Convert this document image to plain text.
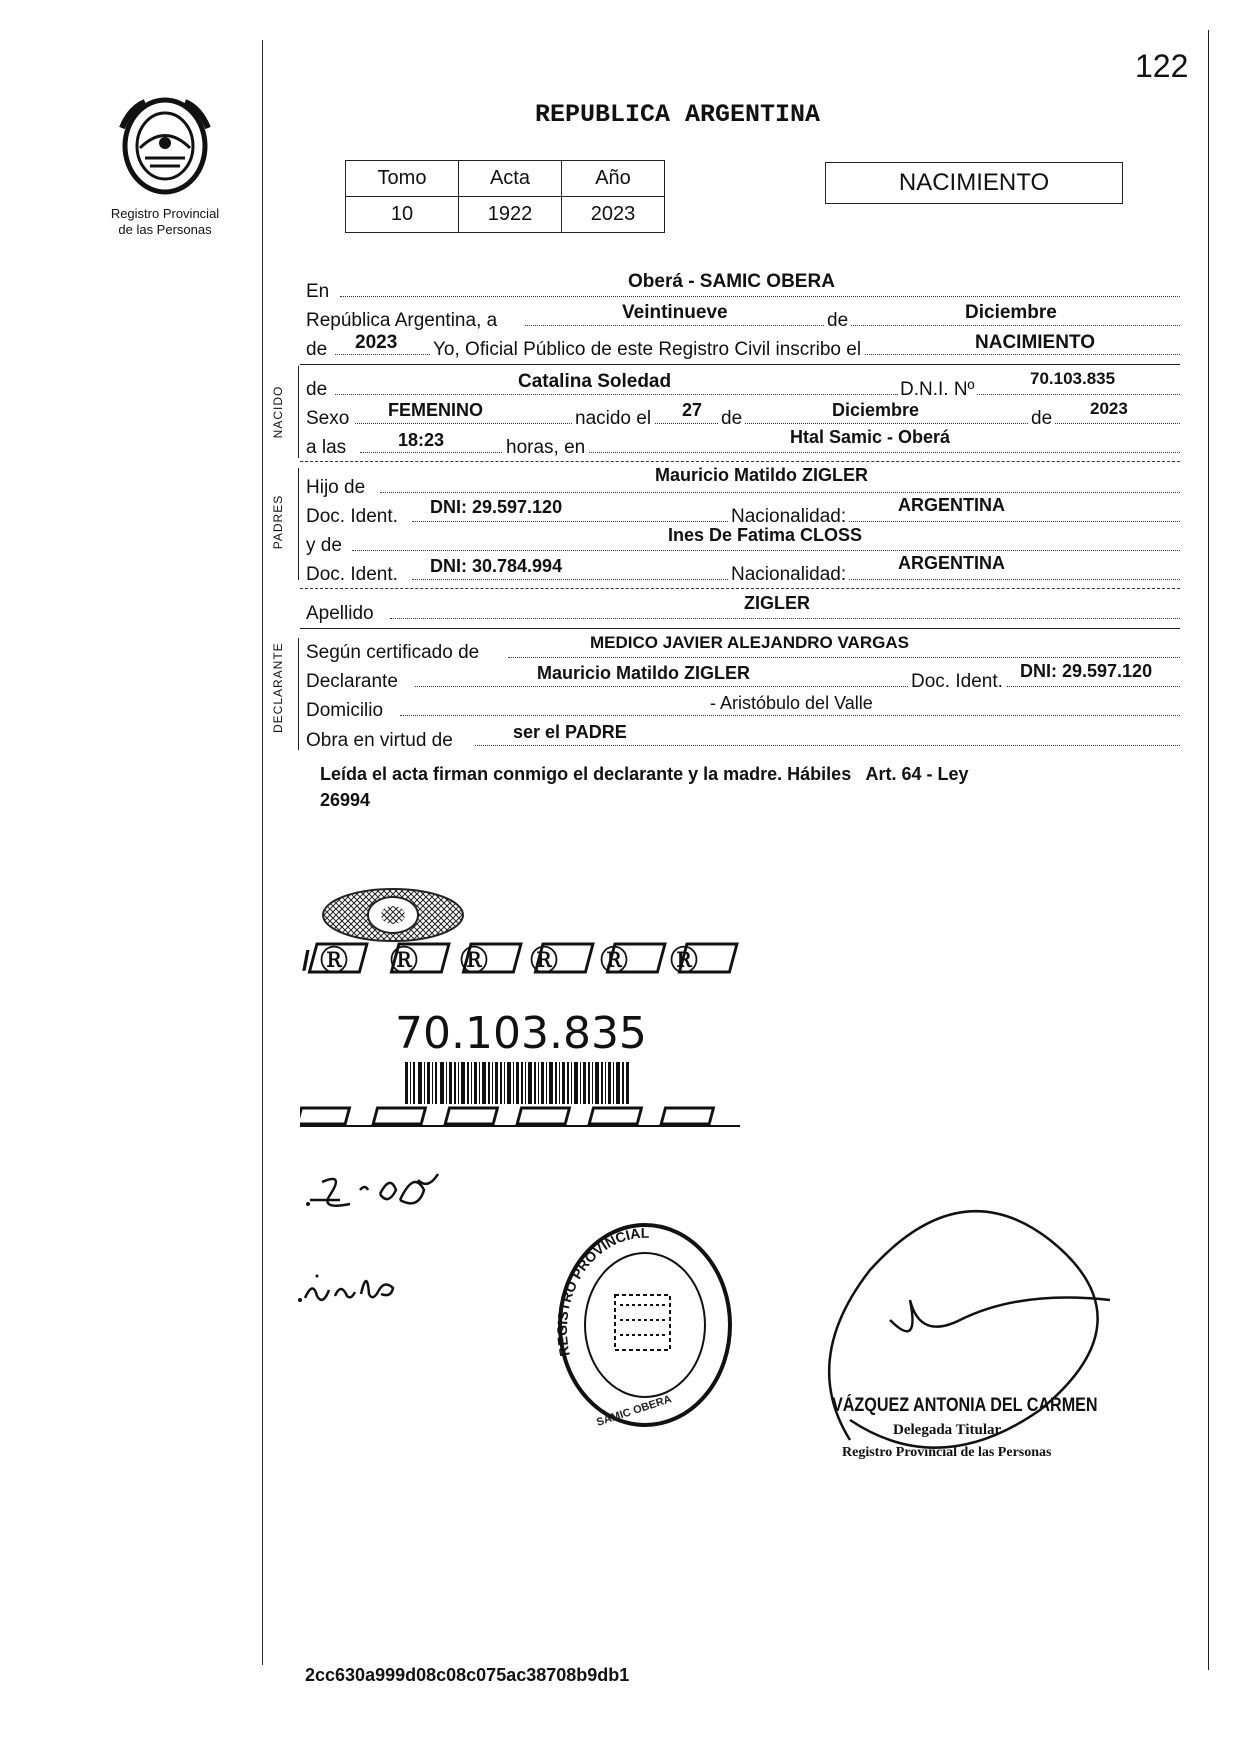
122
Registro Provincial
de las Personas
REPUBLICA ARGENTINA
Tomo	Acta	Año
10	1922	2023
NACIMIENTO
En	Oberá - SAMIC OBERA
República Argentina, a	Veintinueve	de	Diciembre
de 2023 Yo, Oficial Público de este Registro Civil inscribo el	NACIMIENTO
NACIDO de	Catalina Soledad	D.N.I. Nº
70.103.835
Sexo FEMENINO	nacido el 27 de	Diciembre	de 2023
a las	18:23	horas, en	Htal Samic - Oberá
PADRES
Hijo de
Mauricio Matildo ZIGLER
Doc. Ident. DNI: 29.597.120	Nacionalidad:
ARGENTINA
y de	Ines De Fatima CLOSS
Doc. Ident. DNI: 30.784.994	Nacionalidad:
ARGENTINA
Apellido	ZIGLER
DECLARANTE Según certificado de	MEDICO JAVIER ALEJANDRO VARGAS
Declarante	Mauricio Matildo ZIGLER	Doc. Ident. DNI: 29.597.120
Domicilio	- Aristóbulo del Valle
Obra en virtud de	ser el PADRE
Leída el acta firman conmigo el declarante y la madre. Hábiles   Art. 64 - Ley
26994
/ Ⓡ Ⓡ Ⓡ Ⓡ Ⓡ Ⓡ
70.103.835
REGISTRO PROVINCIAL
SAMIC OBERA	VÁZQUEZ ANTONIA DEL CARMEN
Delegada Titular
Registro Provincial de las Personas
2cc630a999d08c08c075ac38708b9db1
